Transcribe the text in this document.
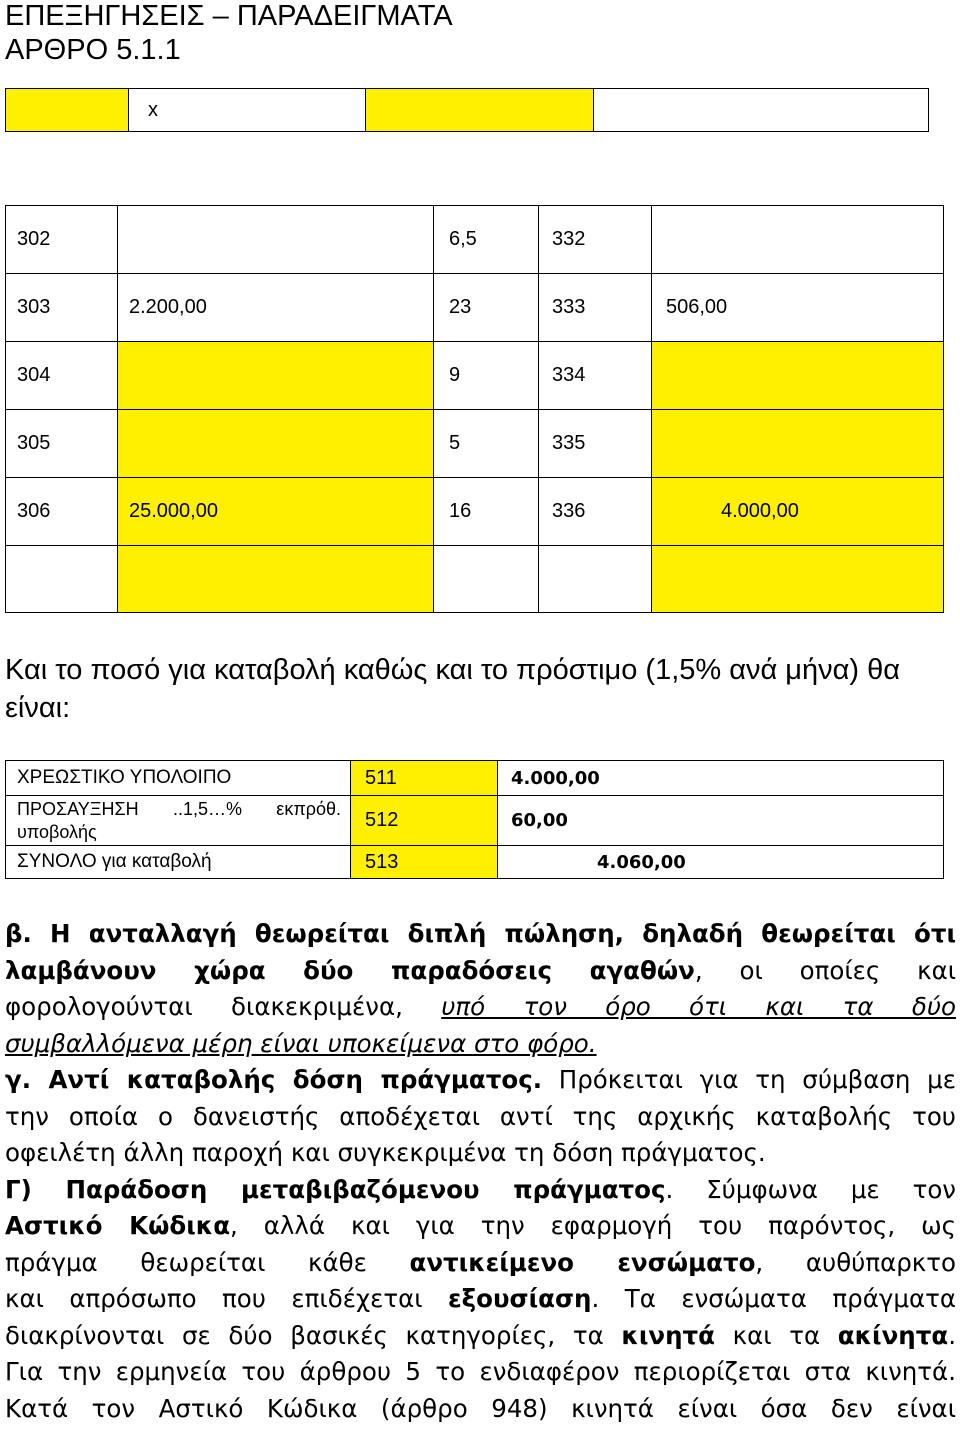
ΕΠΕΞΗΓΗΣΕΙΣ – ΠΑΡΑΔΕΙΓΜΑΤΑ
ΑΡΘΡΟ 5.1.1
	x		
302		6,5	332	
303	2.200,00	23	333	506,00
304		9	334	
305		5	335	
306	25.000,00	16	336	4.000,00

Και το ποσό για καταβολή καθώς και το πρόστιμο (1,5% ανά μήνα) θα
είναι:
ΧΡΕΩΣΤΙΚΟ ΥΠΟΛΟΙΠΟ	511	4.000,00

ΠΡΟΣΑΥΞΗΣΗ ..1,5…% εκπρόθ.
υποβολής	512	60,00
ΣΥΝΟΛΟ για καταβολή	513	4.060,00
β. Η ανταλλαγή θεωρείται διπλή πώληση, δηλαδή θεωρείται ότι
λαμβάνουν χώρα δύο παραδόσεις αγαθών, οι οποίες και
φορολογούνται διακεκριμένα, υπό τον όρο ότι και τα δύο
συμβαλλόμενα μέρη είναι υποκείμενα στο φόρο.
γ. Αντί καταβολής δόση πράγματος. Πρόκειται για τη σύμβαση με
την οποία ο δανειστής αποδέχεται αντί της αρχικής καταβολής του
οφειλέτη άλλη παροχή και συγκεκριμένα τη δόση πράγματος.
Γ) Παράδοση μεταβιβαζόμενου πράγματος. Σύμφωνα με τον
Αστικό Κώδικα, αλλά και για την εφαρμογή του παρόντος, ως
πράγμα θεωρείται κάθε αντικείμενο ενσώματο, αυθύπαρκτο
και απρόσωπο που επιδέχεται εξουσίαση. Τα ενσώματα πράγματα
διακρίνονται σε δύο βασικές κατηγορίες, τα κινητά και τα ακίνητα.
Για την ερμηνεία του άρθρου 5 το ενδιαφέρον περιορίζεται στα κινητά.
Κατά τον Αστικό Κώδικα (άρθρο 948) κινητά είναι όσα δεν είναι
